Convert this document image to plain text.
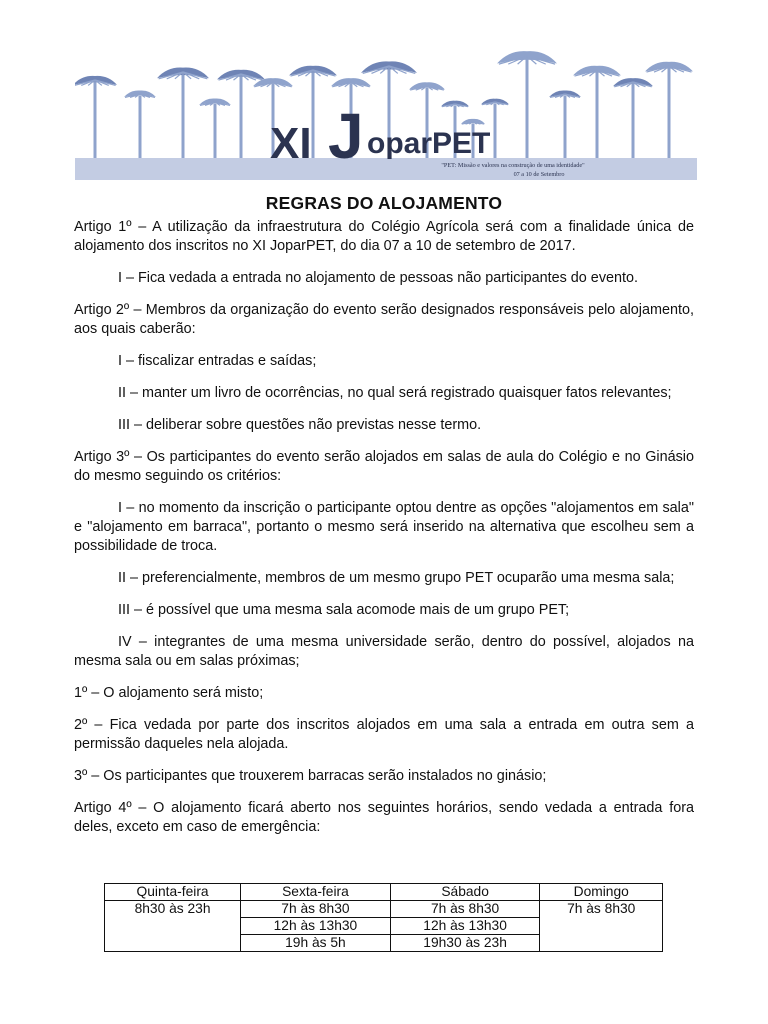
XI J oparPET
"PET: Missão e valores na construção de uma identidade"
07 a 10 de Setembro
REGRAS DO ALOJAMENTO

Artigo 1º – A utilização da infraestrutura do Colégio Agrícola será com a finalidade única de alojamento dos inscritos no XI JoparPET, do dia 07 a 10 de setembro de 2017.

I – Fica vedada a entrada no alojamento de pessoas não participantes do evento.

Artigo 2º – Membros da organização do evento serão designados responsáveis pelo alojamento, aos quais caberão:

I – fiscalizar entradas e saídas;

II – manter um livro de ocorrências, no qual será registrado quaisquer fatos relevantes;

III – deliberar sobre questões não previstas nesse termo.

Artigo 3º – Os participantes do evento serão alojados em salas de aula do Colégio e no Ginásio do mesmo seguindo os critérios:

I – no momento da inscrição o participante optou dentre as opções "alojamentos em sala" e "alojamento em barraca", portanto o mesmo será inserido na alternativa que escolheu sem a possibilidade de troca.

II – preferencialmente, membros de um mesmo grupo PET ocuparão uma mesma sala;

III – é possível que uma mesma sala acomode mais de um grupo PET;

IV – integrantes de uma mesma universidade serão, dentro do possível, alojados na mesma sala ou em salas próximas;

1º – O alojamento será misto;

2º – Fica vedada por parte dos inscritos alojados em uma sala a entrada em outra sem a permissão daqueles nela alojada.

3º – Os participantes que trouxerem barracas serão instalados no ginásio;

Artigo 4º – O alojamento ficará aberto nos seguintes horários, sendo vedada a entrada fora deles, exceto em caso de emergência:

Quinta-feira	Sexta-feira	Sábado	Domingo
8h30 às 23h	7h às 8h30	7h às 8h30	7h às 8h30
	12h às 13h30	12h às 13h30	
	19h às 5h	19h30 às 23h	
